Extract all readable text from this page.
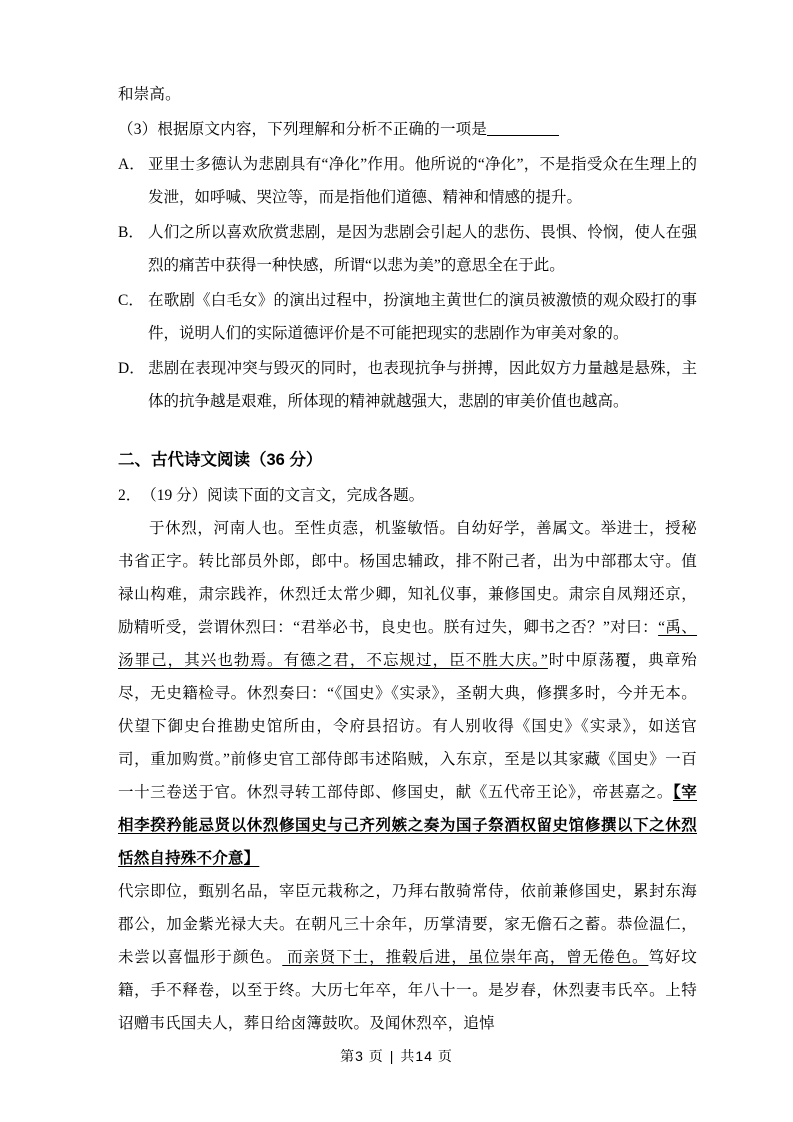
和崇高。

（3）根据原文内容，下列理解和分析不正确的一项是

A． 亚里士多德认为悲剧具有“净化”作用。他所说的“净化”，不是指受众在生理上的发泄，如呼喊、哭泣等，而是指他们道德、精神和情感的提升。
B． 人们之所以喜欢欣赏悲剧，是因为悲剧会引起人的悲伤、畏惧、怜悯，使人在强烈的痛苦中获得一种快感，所谓“以悲为美”的意思全在于此。
C． 在歌剧《白毛女》的演出过程中，扮演地主黄世仁的演员被激愤的观众殴打的事件，说明人们的实际道德评价是不可能把现实的悲剧作为审美对象的。
D． 悲剧在表现冲突与毁灭的同时，也表现抗争与拼搏，因此奴方力量越是悬殊，主体的抗争越是艰难，所体现的精神就越强大，悲剧的审美价值也越高。
二、古代诗文阅读（36 分）
2． （19 分）阅读下面的文言文，完成各题。

于休烈，河南人也。至性贞悫，机鉴敏悟。自幼好学，善属文。举进士，授秘书省正字。转比部员外郎，郎中。杨国忠辅政，排不附己者，出为中部郡太守。值禄山构难，肃宗践祚，休烈迁太常少卿，知礼仪事，兼修国史。肃宗自凤翔还京，励精听受，尝谓休烈曰：“君举必书，良史也。朕有过失，卿书之否？”对曰：“禹、汤罪己，其兴也勃焉。有德之君，不忘规过，臣不胜大庆。”时中原荡覆，典章殆尽，无史籍检寻。休烈奏曰：“《国史》《实录》，圣朝大典，修撰多时，今并无本。伏望下御史台推勘史馆所由，令府县招访。有人别收得《国史》《实录》，如送官司，重加购赏。”前修史官工部侍郎韦述陷贼，入东京，至是以其家藏《国史》一百一十三卷送于官。休烈寻转工部侍郎、修国史，献《五代帝王论》，帝甚嘉之。【宰相李揆矜能忌贤以休烈修国史与己齐列嫉之奏为国子祭酒权留史馆修撰以下之休烈恬然自持殊不介意】

代宗即位，甄别名品，宰臣元栽称之，乃拜右散骑常侍，依前兼修国史，累封东海郡公，加金紫光禄大夫。在朝凡三十余年，历掌清要，家无儋石之蓄。恭俭温仁，未尝以喜愠形于颜色。 而亲贤下士，推毂后进，虽位崇年高，曾无倦色。笃好坟籍，手不释卷，以至于终。大历七年卒，年八十一。是岁春，休烈妻韦氏卒。上特诏赠韦氏国夫人，葬日给卤簿鼓吹。及闻休烈卒，追悼

第3 页 | 共14 页
